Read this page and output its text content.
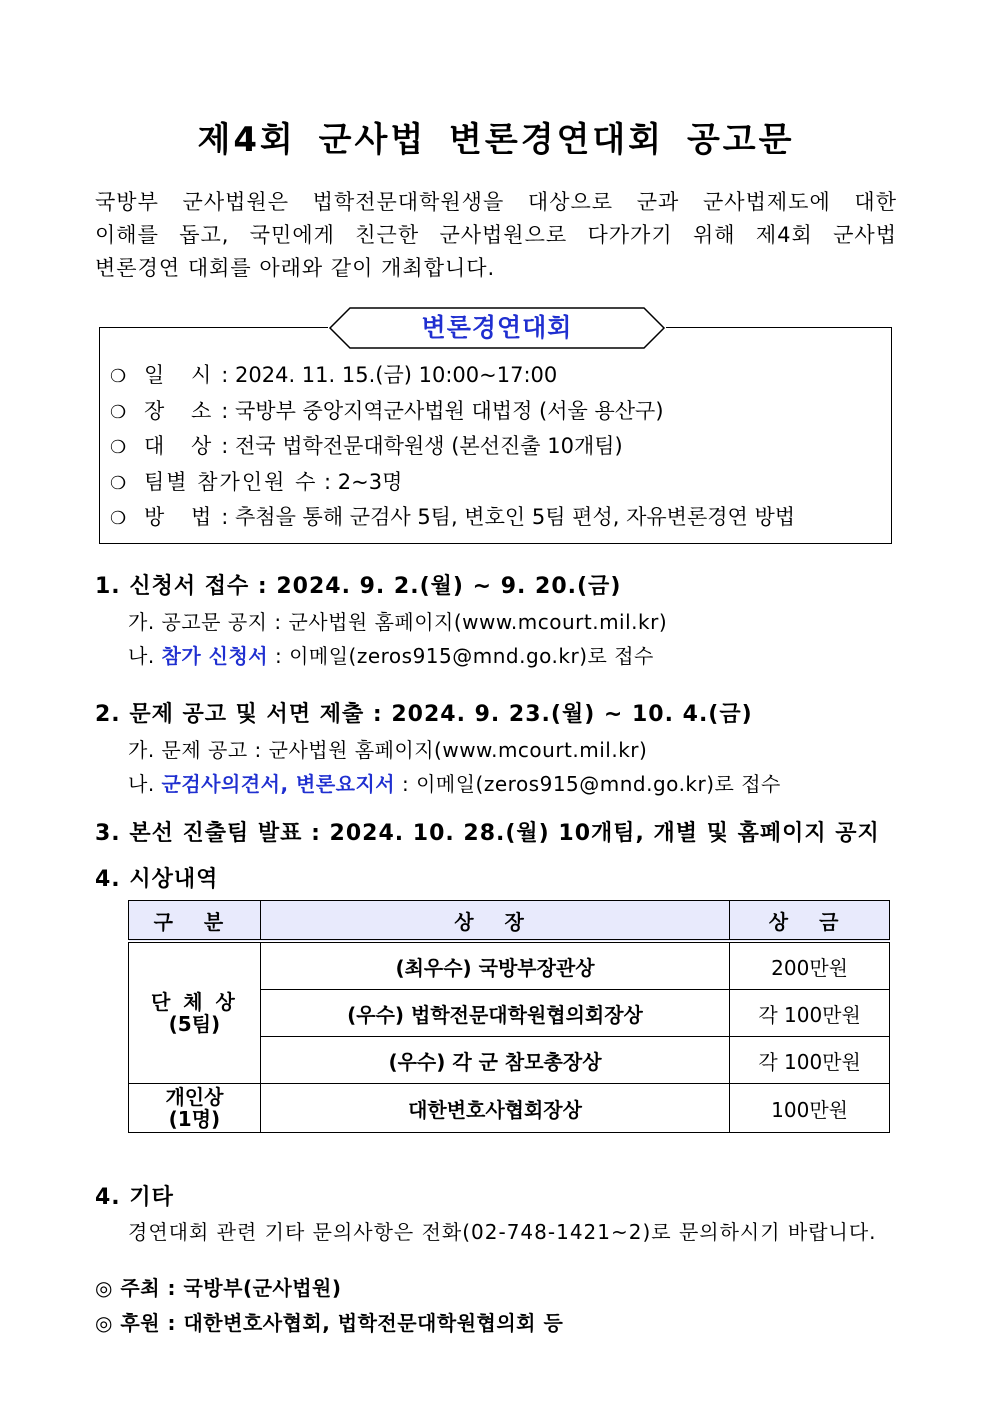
제4회 군사법 변론경연대회 공고문
국방부 군사법원은 법학전문대학원생을 대상으로 군과 군사법제도에 대한
이해를 돕고, 국민에게 친근한 군사법원으로 다가가기 위해 제4회 군사법
변론경연 대회를 아래와 같이 개최합니다.
변론경연대회
❍ 일 시: 2024. 11. 15.(금) 10:00~17:00
❍ 장 소: 국방부 중앙지역군사법원 대법정 (서울 용산구)
❍ 대 상: 전국 법학전문대학원생 (본선진출 10개팀)
❍ 팀별 참가인원 수 : 2~3명
❍ 방 법: 추첨을 통해 군검사 5팀, 변호인 5팀 편성, 자유변론경연 방법
1. 신청서 접수 : 2024. 9. 2.(월) ~ 9. 20.(금)
가. 공고문 공지 : 군사법원 홈페이지(www.mcourt.mil.kr)
나. 참가 신청서 : 이메일(zeros915@mnd.go.kr)로 접수
2. 문제 공고 및 서면 제출 : 2024. 9. 23.(월) ~ 10. 4.(금)
가. 문제 공고 : 군사법원 홈페이지(www.mcourt.mil.kr)
나. 군검사의견서, 변론요지서 : 이메일(zeros915@mnd.go.kr)로 접수
3. 본선 진출팀 발표 : 2024. 10. 28.(월) 10개팀, 개별 및 홈페이지 공지
4. 시상내역
구 분	상 장	상 금

단 체 상
(5팀)	(최우수) 국방부장관상	200만원
	(우수) 법학전문대학원협의회장상	각 100만원
	(우수) 각 군 참모총장상	각 100만원

개인상
(1명)	대한변호사협회장상	100만원
4. 기타
경연대회 관련 기타 문의사항은 전화(02-748-1421~2)로 문의하시기 바랍니다.
◎ 주최 : 국방부(군사법원)
◎ 후원 : 대한변호사협회, 법학전문대학원협의회 등
